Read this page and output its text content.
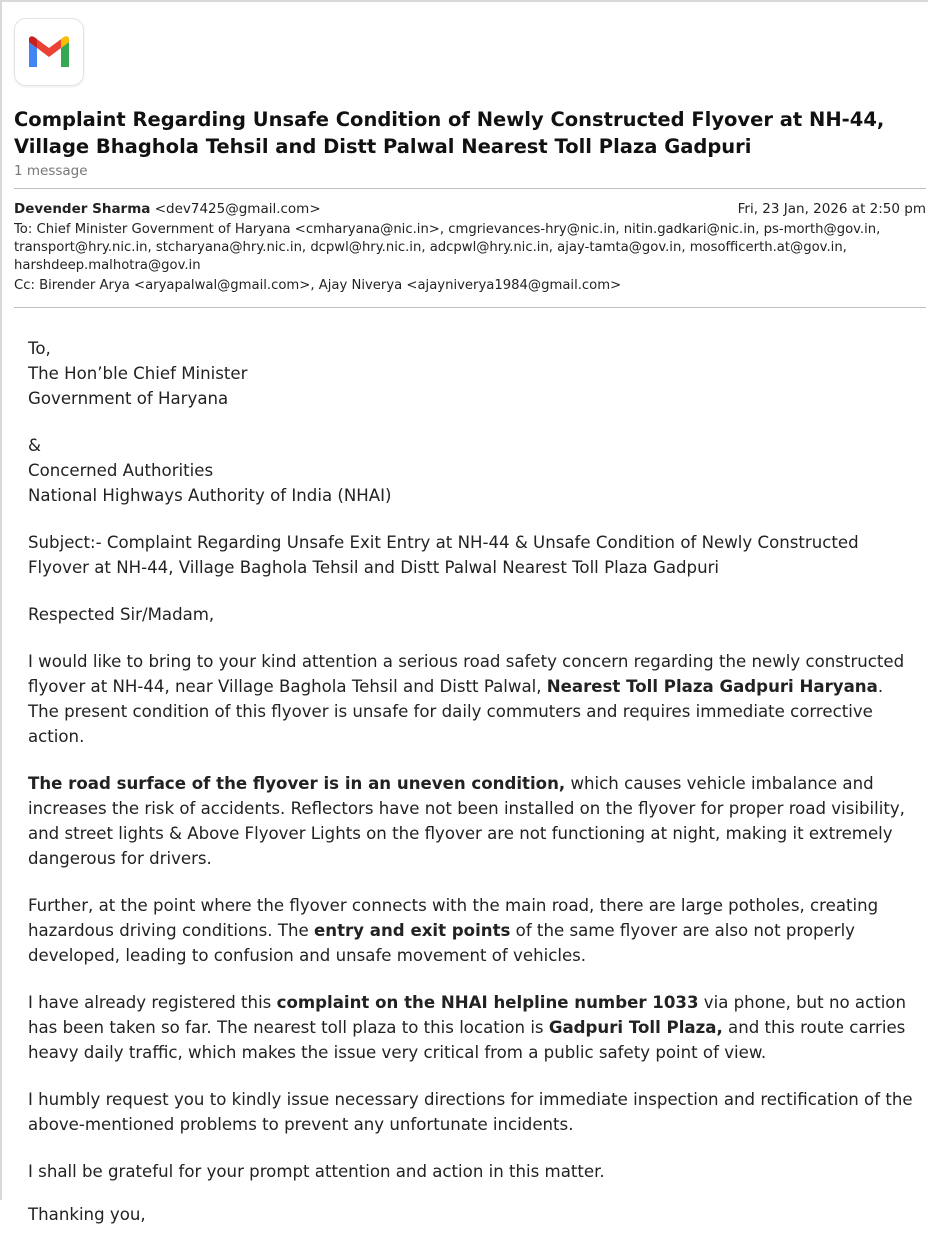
Complaint Regarding Unsafe Condition of Newly Constructed Flyover at NH-44, Village Bhaghola Tehsil and Distt Palwal Nearest Toll Plaza Gadpuri
1 message
Devender Sharma <dev7425@gmail.com>	Fri, 23 Jan, 2026 at 2:50 pm
To: Chief Minister Government of Haryana <cmharyana@nic.in>, cmgrievances-hry@nic.in, nitin.gadkari@nic.in, ps-morth@gov.in, transport@hry.nic.in, stcharyana@hry.nic.in, dcpwl@hry.nic.in, adcpwl@hry.nic.in, ajay-tamta@gov.in, mosofficerth.at@gov.in, harshdeep.malhotra@gov.in
Cc: Birender Arya <aryapalwal@gmail.com>, Ajay Niverya <ajayniverya1984@gmail.com>

To,
The Hon’ble Chief Minister
Government of Haryana

&
Concerned Authorities
National Highways Authority of India (NHAI)

Subject:- Complaint Regarding Unsafe Exit Entry at NH-44 & Unsafe Condition of Newly Constructed Flyover at NH-44, Village Baghola Tehsil and Distt Palwal Nearest Toll Plaza Gadpuri

Respected Sir/Madam,

I would like to bring to your kind attention a serious road safety concern regarding the newly constructed flyover at NH-44, near Village Baghola Tehsil and Distt Palwal, Nearest Toll Plaza Gadpuri Haryana. The present condition of this flyover is unsafe for daily commuters and requires immediate corrective action.

The road surface of the flyover is in an uneven condition, which causes vehicle imbalance and increases the risk of accidents. Reflectors have not been installed on the flyover for proper road visibility, and street lights & Above Flyover Lights on the flyover are not functioning at night, making it extremely dangerous for drivers.

Further, at the point where the flyover connects with the main road, there are large potholes, creating hazardous driving conditions. The entry and exit points of the same flyover are also not properly developed, leading to confusion and unsafe movement of vehicles.

I have already registered this complaint on the NHAI helpline number 1033 via phone, but no action has been taken so far. The nearest toll plaza to this location is Gadpuri Toll Plaza, and this route carries heavy daily traffic, which makes the issue very critical from a public safety point of view.

I humbly request you to kindly issue necessary directions for immediate inspection and rectification of the above-mentioned problems to prevent any unfortunate incidents.

I shall be grateful for your prompt attention and action in this matter.

Thanking you,
